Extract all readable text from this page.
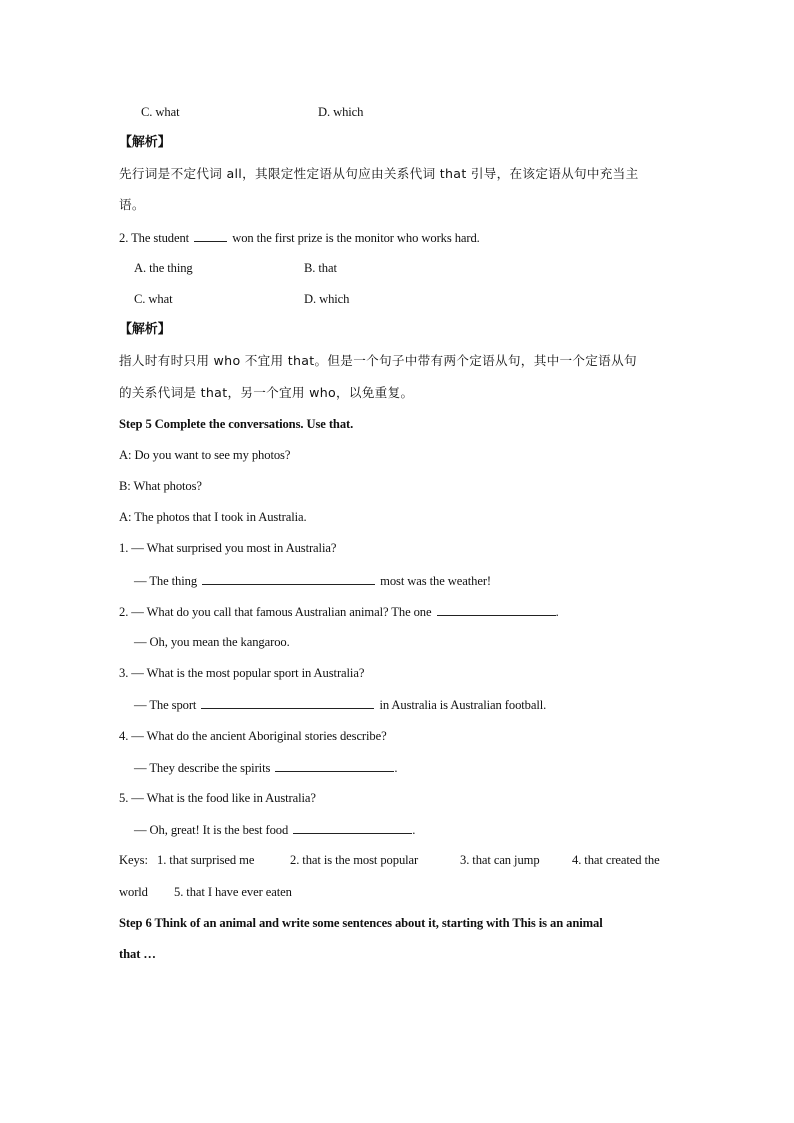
C. what	D. which
【解析】
先行词是不定代词 all，其限定性定语从句应由关系代词 that 引导，在该定语从句中充当主
语。
2. The student	won the first prize is the monitor who works hard.
A. the thing	B. that
C. what	D. which
【解析】
指人时有时只用 who 不宜用 that。但是一个句子中带有两个定语从句，其中一个定语从句
的关系代词是 that，另一个宜用 who，以免重复。
Step 5 Complete the conversations. Use that.
A: Do you want to see my photos?
B: What photos?
A: The photos that I took in Australia.
1. — What surprised you most in Australia?
— The thing	most was the weather!
2. — What do you call that famous Australian animal? The one	.
— Oh, you mean the kangaroo.
3. — What is the most popular sport in Australia?
— The sport	in Australia is Australian football.
4. — What do the ancient Aboriginal stories describe?
— They describe the spirits	.
5. — What is the food like in Australia?
— Oh, great! It is the best food	.
Keys: 1. that surprised me	2. that is the most popular	3. that can jump	4. that created the
world 5. that I have ever eaten
Step 6 Think of an animal and write some sentences about it, starting with This is an animal
that …
